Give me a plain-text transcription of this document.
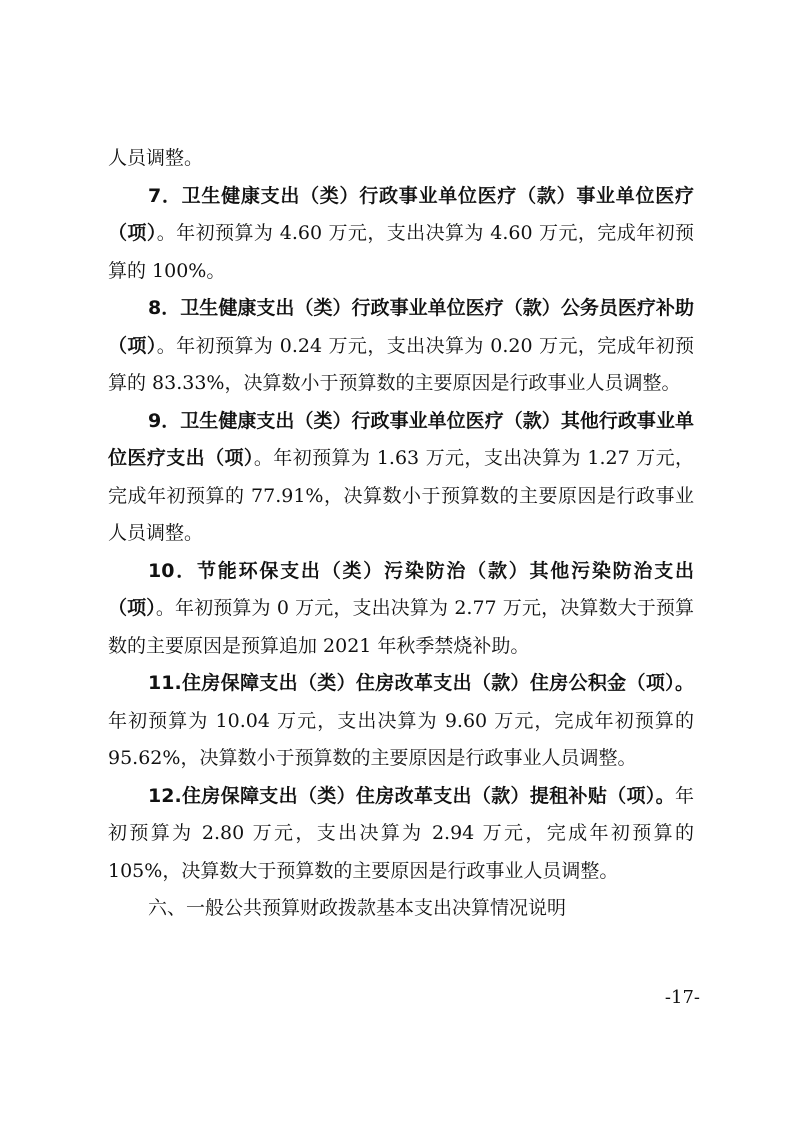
人员调整。

7．卫生健康支出（类）行政事业单位医疗（款）事业单位医疗（项）。年初预算为 4.60 万元，支出决算为 4.60 万元，完成年初预算的 100%。

8．卫生健康支出（类）行政事业单位医疗（款）公务员医疗补助（项）。年初预算为 0.24 万元，支出决算为 0.20 万元，完成年初预算的 83.33%，决算数小于预算数的主要原因是行政事业人员调整。

9．卫生健康支出（类）行政事业单位医疗（款）其他行政事业单位医疗支出（项）。年初预算为 1.63 万元，支出决算为 1.27 万元，完成年初预算的 77.91%，决算数小于预算数的主要原因是行政事业人员调整。

10．节能环保支出（类）污染防治（款）其他污染防治支出（项）。年初预算为 0 万元，支出决算为 2.77 万元，决算数大于预算数的主要原因是预算追加 2021 年秋季禁烧补助。

11.住房保障支出（类）住房改革支出（款）住房公积金（项）。年初预算为 10.04 万元，支出决算为 9.60 万元，完成年初预算的 95.62%，决算数小于预算数的主要原因是行政事业人员调整。

12.住房保障支出（类）住房改革支出（款）提租补贴（项）。年初预算为 2.80 万元，支出决算为 2.94 万元，完成年初预算的 105%，决算数大于预算数的主要原因是行政事业人员调整。

六、一般公共预算财政拨款基本支出决算情况说明

-17-
